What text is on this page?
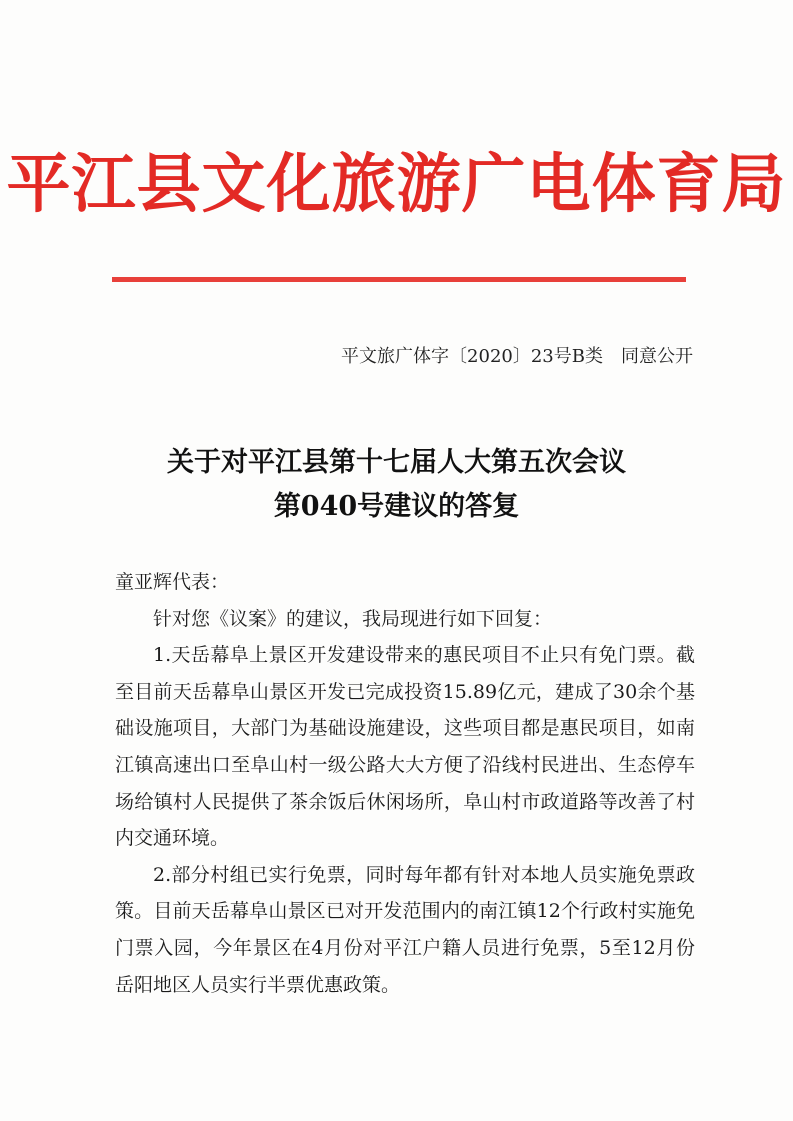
平江县文化旅游广电体育局
平文旅广体字〔2020〕23号B类　同意公开
关于对平江县第十七届人大第五次会议
第040号建议的答复
童亚辉代表：

针对您《议案》的建议，我局现进行如下回复：

1.天岳幕阜上景区开发建设带来的惠民项目不止只有免门票。截至目前天岳幕阜山景区开发已完成投资15.89亿元，建成了30余个基础设施项目，大部门为基础设施建设，这些项目都是惠民项目，如南江镇高速出口至阜山村一级公路大大方便了沿线村民进出、生态停车场给镇村人民提供了茶余饭后休闲场所，阜山村市政道路等改善了村内交通环境。

2.部分村组已实行免票，同时每年都有针对本地人员实施免票政策。目前天岳幕阜山景区已对开发范围内的南江镇12个行政村实施免门票入园，今年景区在4月份对平江户籍人员进行免票，5至12月份岳阳地区人员实行半票优惠政策。
